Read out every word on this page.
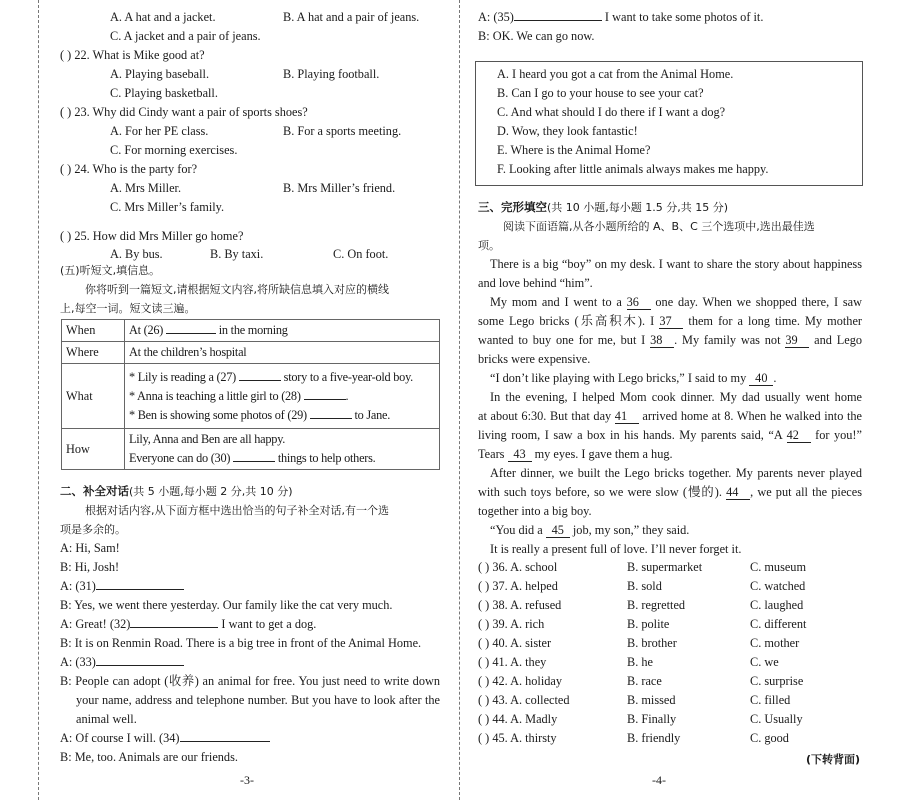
A. A hat and a jacket.	B. A hat and a pair of jeans.
C. A jacket and a pair of jeans.
( ) 22. What is Mike good at?
A. Playing baseball.	B. Playing football.
C. Playing basketball.
( ) 23. Why did Cindy want a pair of sports shoes?
A. For her PE class.	B. For a sports meeting.
C. For morning exercises.
( ) 24. Who is the party for?
A. Mrs Miller.	B. Mrs Miller’s friend.
C. Mrs Miller’s family.
( ) 25. How did Mrs Miller go home?
A. By bus.	B. By taxi.	C. On foot.
(五)听短文,填信息。
你将听到一篇短文,请根据短文内容,将所缺信息填入对应的横线
When	At (26) in the morning
Where	At the children’s hospital
What	* Lily is reading a (27) story to a five-year-old boy.
* Anna is teaching a little girl to (28) .
* Ben is showing some photos of (29) to Jane.

How	Lily, Anna and Ben are all happy.
Everyone can do (30) things to help others.
二、补全对话(共 5 小题,每小题 2 分,共 10 分)
根据对话内容,从下面方框中选出恰当的句子补全对话,有一个选
项是多余的。
A: Hi, Sam!
B: Hi, Josh!
A: (31)
B: Yes, we went there yesterday. Our family like the cat very much.
A: Great! (32)	I want to get a dog.
B: It is on Renmin Road. There is a big tree in front of the Animal Home.
A: (33)
B: People can adopt (收养) an animal for free. You just need to write down
your name, address and telephone number. But you have to look after the
animal well.
A: Of course I will. (34)
B: Me, too. Animals are our friends.
-3-
上,每空一词。短文读三遍。
A: (35)	I want to take some photos of it.
B: OK. We can go now.
A. I heard you got a cat from the Animal Home.
B. Can I go to your house to see your cat?
C. And what should I do there if I want a dog?
D. Wow, they look fantastic!
E. Where is the Animal Home?
F. Looking after little animals always makes me happy.
三、完形填空(共 10 小题,每小题 1.5 分,共 15 分)
阅读下面语篇,从各小题所给的 A、B、C 三个选项中,选出最佳选
项。
There is a big “boy” on my desk. I want to share the story about happiness
and love behind “him”.
My mom and I went to a 36 one day. When we shopped there, I saw
some Lego bricks (乐高积木). I 37 them for a long time. My mother
wanted to buy one for me, but I 38 . My family was not 39 and Lego
bricks were expensive.
“I don’t like playing with Lego bricks,” I said to my 40 .
In the evening, I helped Mom cook dinner. My dad usually went home
at about 6:30. But that day 41 arrived home at 8. When he walked into the
living room, I saw a box in his hands. My parents said, “A 42 for you!”
Tears 43 my eyes. I gave them a hug.
After dinner, we built the Lego bricks together. My parents never played
with such toys before, so we were slow (慢的). 44 , we put all the pieces
together into a big boy.
“You did a 45 job, my son,” they said.
It is really a present full of love. I’ll never forget it.
( ) 36. A. school	B. supermarket	C. museum
( ) 37. A. helped	B. sold	C. watched
( ) 38. A. refused	B. regretted	C. laughed
( ) 39. A. rich	B. polite	C. different
( ) 40. A. sister	B. brother	C. mother
( ) 41. A. they	B. he	C. we
( ) 42. A. holiday	B. race	C. surprise
( ) 43. A. collected	B. missed	C. filled
( ) 44. A. Madly	B. Finally	C. Usually
( ) 45. A. thirsty	B. friendly	C. good
(下转背面)
-4-
